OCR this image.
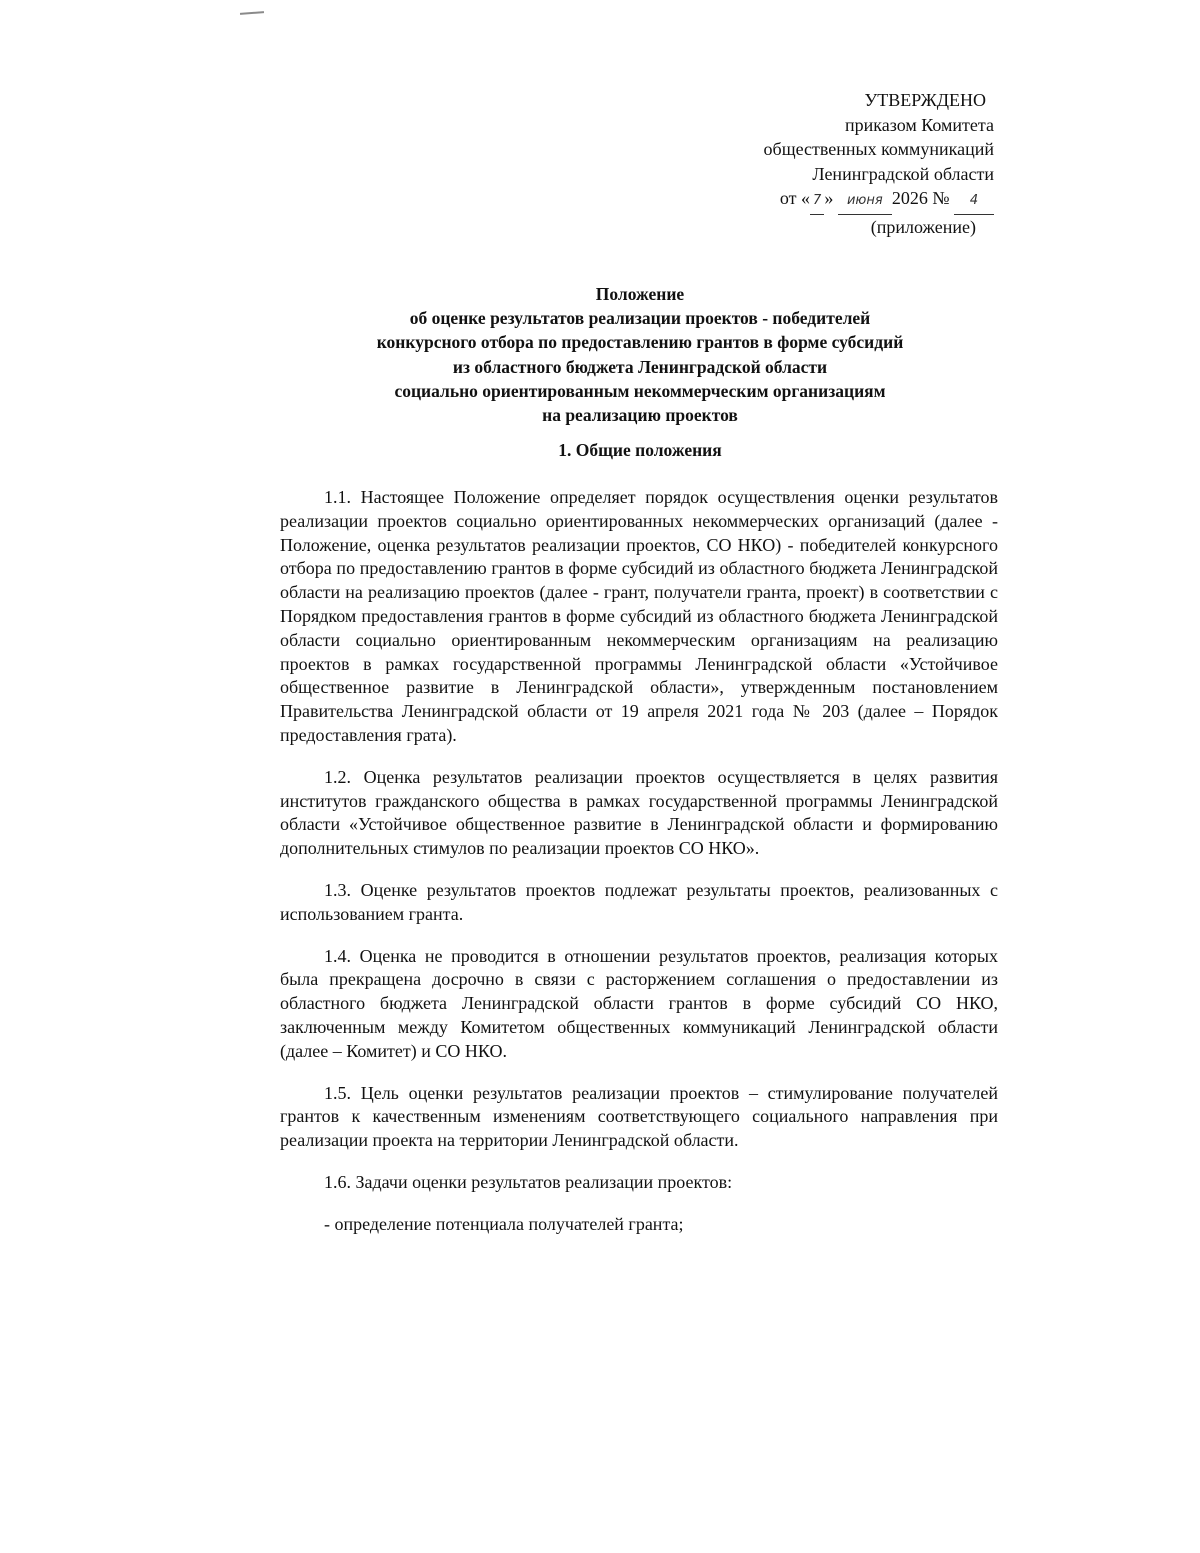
УТВЕРЖДЕНО
приказом Комитета
общественных коммуникаций
Ленинградской области
от « 7 » июня 2026 № 4
(приложение)
Положение
об оценке результатов реализации проектов - победителей
конкурсного отбора по предоставлению грантов в форме субсидий
из областного бюджета Ленинградской области
социально ориентированным некоммерческим организациям
на реализацию проектов
1. Общие положения

1.1. Настоящее Положение определяет порядок осуществления оценки результатов реализации проектов социально ориентированных некоммерческих организаций (далее - Положение, оценка результатов реализации проектов, СО НКО) - победителей конкурсного отбора по предоставлению грантов в форме субсидий из областного бюджета Ленинградской области на реализацию проектов (далее - грант, получатели гранта, проект) в соответствии с Порядком предоставления грантов в форме субсидий из областного бюджета Ленинградской области социально ориентированным некоммерческим организациям на реализацию проектов в рамках государственной программы Ленинградской области «Устойчивое общественное развитие в Ленинградской области», утвержденным постановлением Правительства Ленинградской области от 19 апреля 2021 года № 203 (далее – Порядок предоставления грата).

1.2. Оценка результатов реализации проектов осуществляется в целях развития институтов гражданского общества в рамках государственной программы Ленинградской области «Устойчивое общественное развитие в Ленинградской области и формированию дополнительных стимулов по реализации проектов СО НКО».

1.3. Оценке результатов проектов подлежат результаты проектов, реализованных с использованием гранта.

1.4. Оценка не проводится в отношении результатов проектов, реализация которых была прекращена досрочно в связи с расторжением соглашения о предоставлении из областного бюджета Ленинградской области грантов в форме субсидий СО НКО, заключенным между Комитетом общественных коммуникаций Ленинградской области (далее – Комитет) и СО НКО.

1.5. Цель оценки результатов реализации проектов – стимулирование получателей грантов к качественным изменениям соответствующего социального направления при реализации проекта на территории Ленинградской области.

1.6. Задачи оценки результатов реализации проектов:

- определение потенциала получателей гранта;
